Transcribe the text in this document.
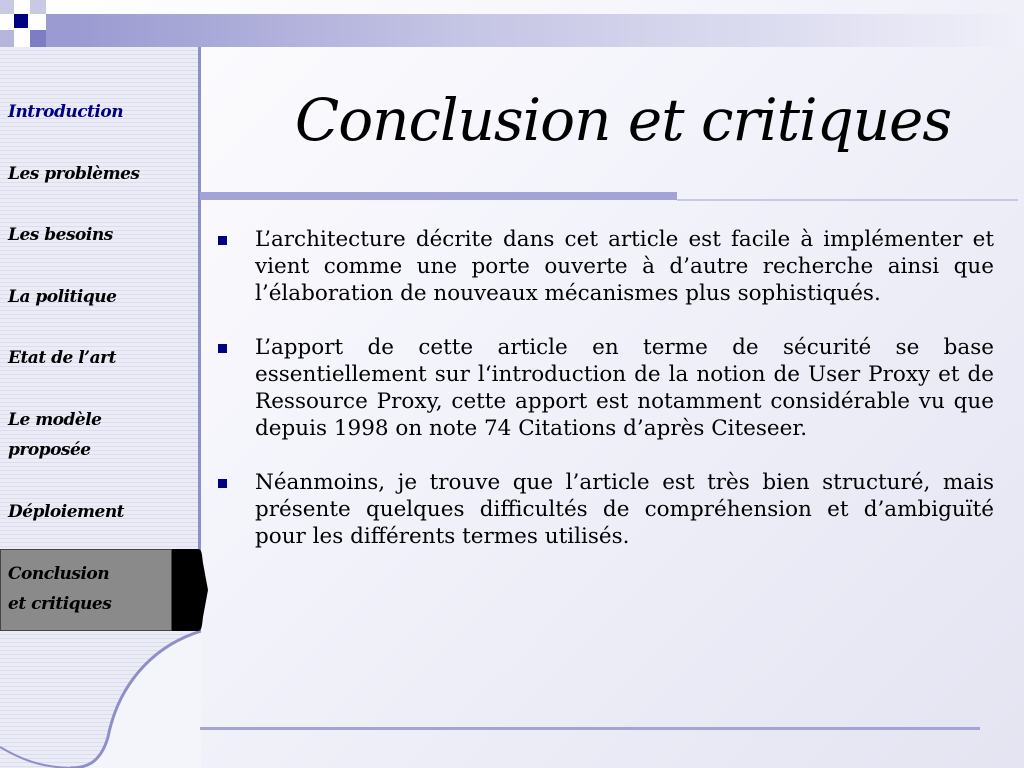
Introduction
Les problèmes
Les besoins
La politique
Etat de l’art
Le modèle
proposée
Déploiement
Conclusion
et critiques
Conclusion et critiques
L’architecture décrite dans cet article est facile à implémenter et vient comme une porte ouverte à d’autre recherche ainsi que l’élaboration de nouveaux mécanismes plus sophistiqués.
L’apport de cette article en terme de sécurité se base essentiellement sur l‘introduction de la notion de User Proxy et de Ressource Proxy, cette apport est notamment considérable vu que depuis 1998 on note 74 Citations d’après Citeseer.
Néanmoins, je trouve que l’article est très bien structuré, mais présente quelques difficultés de compréhension et d’ambiguïté pour les différents termes utilisés.
